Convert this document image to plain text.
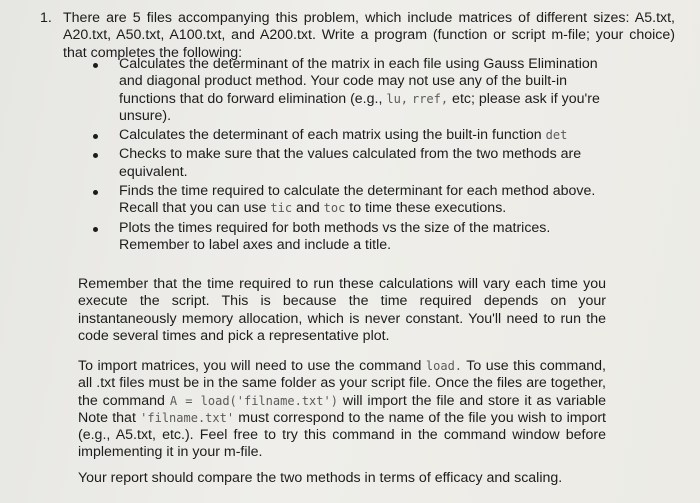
1. There are 5 files accompanying this problem, which include matrices of different sizes: A5.txt, A20.txt, A50.txt, A100.txt, and A200.txt. Write a program (function or script m-file; your choice) that completes the following:
Calculates the determinant of the matrix in each file using Gauss Elimination and diagonal product method. Your code may not use any of the built-in functions that do forward elimination (e.g., lu, rref, etc; please ask if you're unsure).
Calculates the determinant of each matrix using the built-in function det
Checks to make sure that the values calculated from the two methods are equivalent.
Finds the time required to calculate the determinant for each method above. Recall that you can use tic and toc to time these executions.
Plots the times required for both methods vs the size of the matrices. Remember to label axes and include a title.
Remember that the time required to run these calculations will vary each time you execute the script. This is because the time required depends on your instantaneously memory allocation, which is never constant. You'll need to run the code several times and pick a representative plot.
To import matrices, you will need to use the command load. To use this command, all .txt files must be in the same folder as your script file. Once the files are together, the command A = load('filname.txt') will import the file and store it as variable Note that 'filname.txt' must correspond to the name of the file you wish to import (e.g., A5.txt, etc.). Feel free to try this command in the command window before implementing it in your m-file.
Your report should compare the two methods in terms of efficacy and scaling.
